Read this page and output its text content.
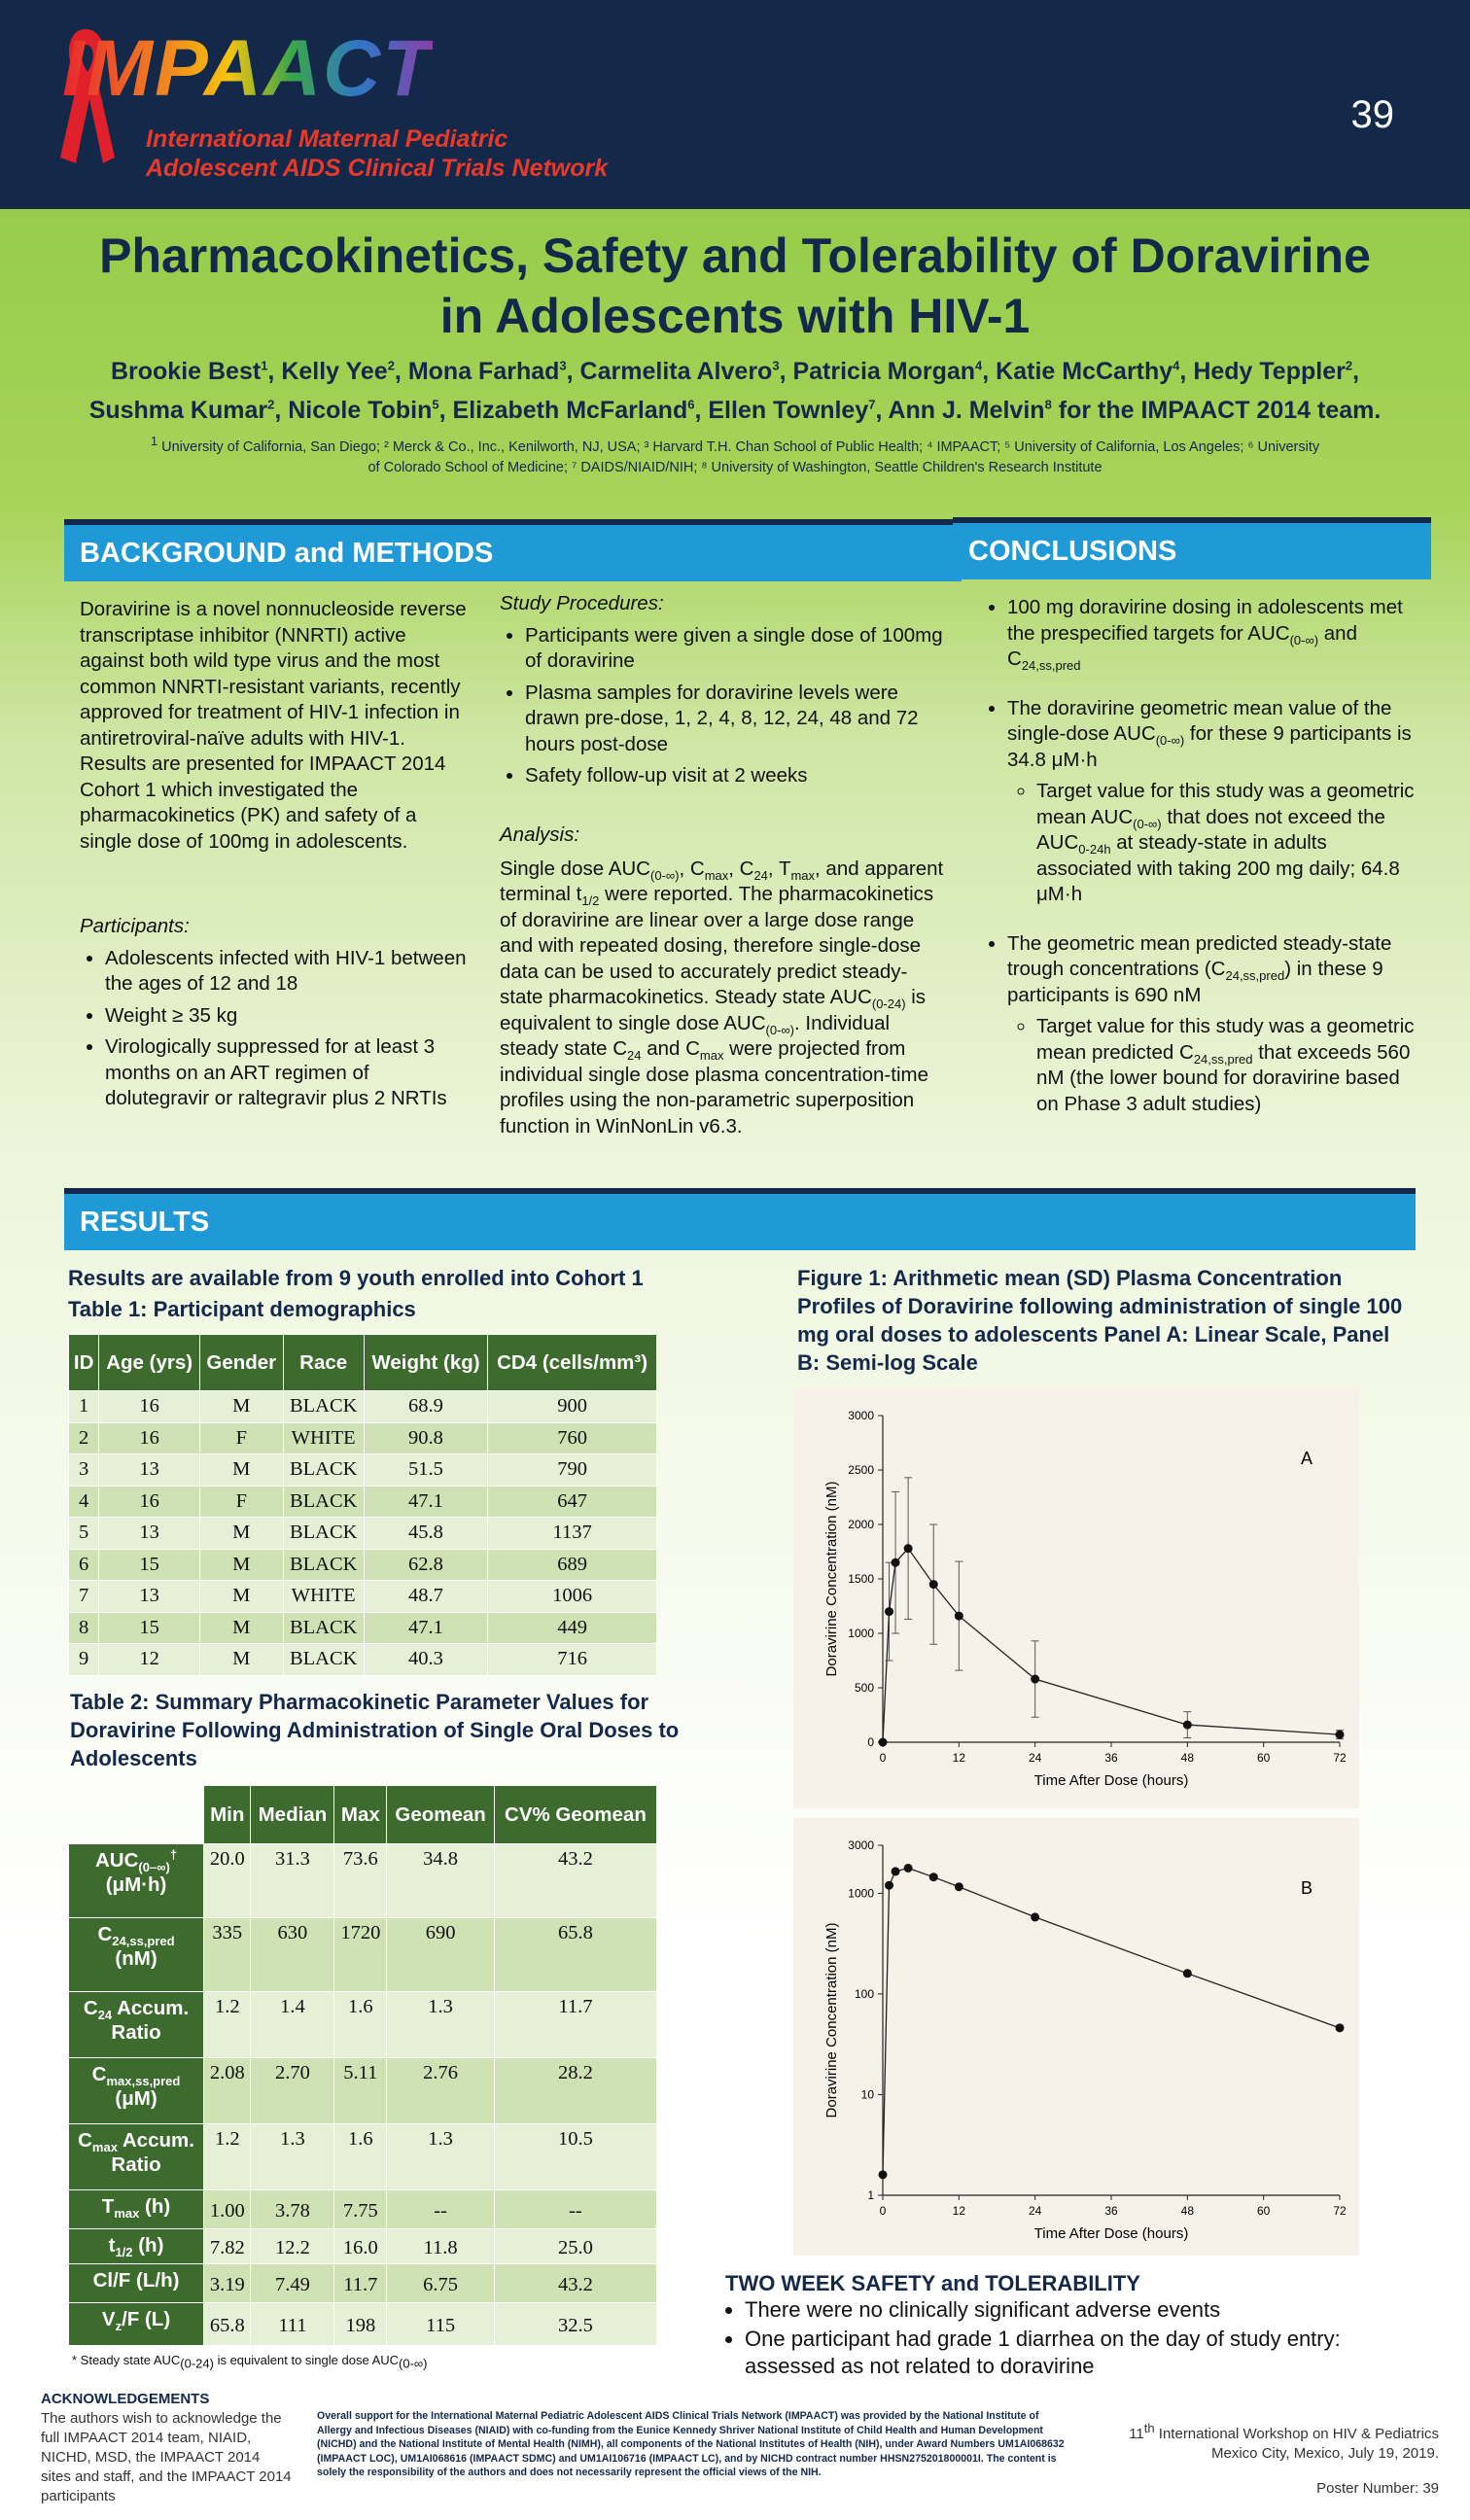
IMPAACT
International Maternal Pediatric
Adolescent AIDS Clinical Trials Network
39
Pharmacokinetics, Safety and Tolerability of Doravirine
in Adolescents with HIV-1
Brookie Best$^1$, Kelly Yee$^2$, Mona Farhad$^3$, Carmelita Alvero$^3$, Patricia Morgan$^4$, Katie McCarthy$^4$, Hedy Teppler$^2$,
Sushma Kumar$^2$, Nicole Tobin$^5$, Elizabeth McFarland$^6$, Ellen Townley$^7$, Ann J. Melvin$^8$ for the IMPAACT 2014 team.
$^1$ University of California, San Diego; ² Merck & Co., Inc., Kenilworth, NJ, USA; ³ Harvard T.H. Chan School of Public Health; ⁴ IMPAACT; ⁵ University of California, Los Angeles; ⁶ University
of Colorado School of Medicine; ⁷ DAIDS/NIAID/NIH; ⁸ University of Washington, Seattle Children's Research Institute
BACKGROUND and METHODS
Doravirine is a novel nonnucleoside reverse transcriptase inhibitor (NNRTI) active against both wild type virus and the most common NNRTI-resistant variants, recently approved for treatment of HIV-1 infection in antiretroviral-naïve adults with HIV-1. Results are presented for IMPAACT 2014 Cohort 1 which investigated the pharmacokinetics (PK) and safety of a single dose of 100mg in adolescents.
Participants:
• Adolescents infected with HIV-1 between the ages of 12 and 18
• Weight ≥ 35 kg
• Virologically suppressed for at least 3 months on an ART regimen of dolutegravir or raltegravir plus 2 NRTIs
Study Procedures:
• Participants were given a single dose of 100mg of doravirine
• Plasma samples for doravirine levels were drawn pre-dose, 1, 2, 4, 8, 12, 24, 48 and 72 hours post-dose
• Safety follow-up visit at 2 weeks
Analysis:
Single dose $AUC_{(0-\infty)}$, $C_{max}$, $C_{24}$, $T_{max}$, and apparent terminal $t_{1/2}$ were reported. The pharmacokinetics of doravirine are linear over a large dose range and with repeated dosing, therefore single-dose data can be used to accurately predict steady-state pharmacokinetics. Steady state $AUC_{(0-24)}$ is equivalent to single dose $AUC_{(0-\infty)}$. Individual steady state $C_{24}$ and $C_{max}$ were projected from individual single dose plasma concentration-time profiles using the non-parametric superposition function in WinNonLin v6.3.
CONCLUSIONS
• 100 mg doravirine dosing in adolescents met the prespecified targets for $AUC_{(0-\infty)}$ and $C_{24,ss,pred}$
• The doravirine geometric mean value of the single-dose $AUC_{(0-\infty)}$ for these 9 participants is 34.8 μM·h
◦ Target value for this study was a geometric mean $AUC_{(0-\infty)}$ that does not exceed the $AUC_{0-24h}$ at steady-state in adults associated with taking 200 mg daily; 64.8 μM·h
• The geometric mean predicted steady-state trough concentrations $(C_{24,ss,pred})$ in these 9 participants is 690 nM
◦ Target value for this study was a geometric mean predicted $C_{24,ss,pred}$ that exceeds 560 nM (the lower bound for doravirine based on Phase 3 adult studies)
RESULTS
Results are available from 9 youth enrolled into Cohort 1
Table 1: Participant demographics
ID	Age (yrs)	Gender	Race	Weight (kg)	CD4 (cells/mm³)
1	16	M	BLACK	68.9	900
2	16	F	WHITE	90.8	760
3	13	M	BLACK	51.5	790
4	16	F	BLACK	47.1	647
5	13	M	BLACK	45.8	1137
6	15	M	BLACK	62.8	689
7	13	M	WHITE	48.7	1006
8	15	M	BLACK	47.1	449
9	12	M	BLACK	40.3	716
Table 2: Summary Pharmacokinetic Parameter Values for Doravirine Following Administration of Single Oral Doses to Adolescents
	Min	Median	Max	Geomean	CV% Geomean
$AUC_{(0-\infty)}^\dagger$
(μM·h)	20.0	31.3	73.6	34.8	43.2
$C_{24,ss,pred}$
(nM)	335	630	1720	690	65.8
$C_{24}$ Accum.
Ratio	1.2	1.4	1.6	1.3	11.7
$C_{max,ss,pred}$
(μM)	2.08	2.70	5.11	2.76	28.2
$C_{max}$ Accum.
Ratio	1.2	1.3	1.6	1.3	10.5
$T_{max}$ (h)	1.00	3.78	7.75	--	--
$t_{1/2}$ (h)	7.82	12.2	16.0	11.8	25.0
Cl/F (L/h)	3.19	7.49	11.7	6.75	43.2
$V_z/F$ (L)	65.8	111	198	115	32.5
* Steady state $AUC_{(0-24)}$ is equivalent to single dose $AUC_{(0-\infty)}$
Figure 1: Arithmetic mean (SD) Plasma Concentration Profiles of Doravirine following administration of single 100 mg oral doses to adolescents Panel A: Linear Scale, Panel B: Semi-log Scale
0	12	24	36	48	60	72
0
500
1000
1500
2000
2500
3000
Time After Dose (hours)
Doravirine Concentration (nM)
A
0	12	24	36	48	60	72
1
10
100
1000
3000
Time After Dose (hours)
Doravirine Concentration (nM)
B
TWO WEEK SAFETY and TOLERABILITY
• There were no clinically significant adverse events
• One participant had grade 1 diarrhea on the day of study entry: assessed as not related to doravirine
ACKNOWLEDGEMENTS
The authors wish to acknowledge the full IMPAACT 2014 team, NIAID, NICHD, MSD, the IMPAACT 2014 sites and staff, and the IMPAACT 2014 participants
Overall support for the International Maternal Pediatric Adolescent AIDS Clinical Trials Network (IMPAACT) was provided by the National Institute of Allergy and Infectious Diseases (NIAID) with co-funding from the Eunice Kennedy Shriver National Institute of Child Health and Human Development (NICHD) and the National Institute of Mental Health (NIMH), all components of the National Institutes of Health (NIH), under Award Numbers UM1AI068632 (IMPAACT LOC), UM1AI068616 (IMPAACT SDMC) and UM1AI106716 (IMPAACT LC), and by NICHD contract number HHSN275201800001I. The content is solely the responsibility of the authors and does not necessarily represent the official views of the NIH.
11th International Workshop on HIV & Pediatrics
Mexico City, Mexico, July 19, 2019.
Poster Number: 39
